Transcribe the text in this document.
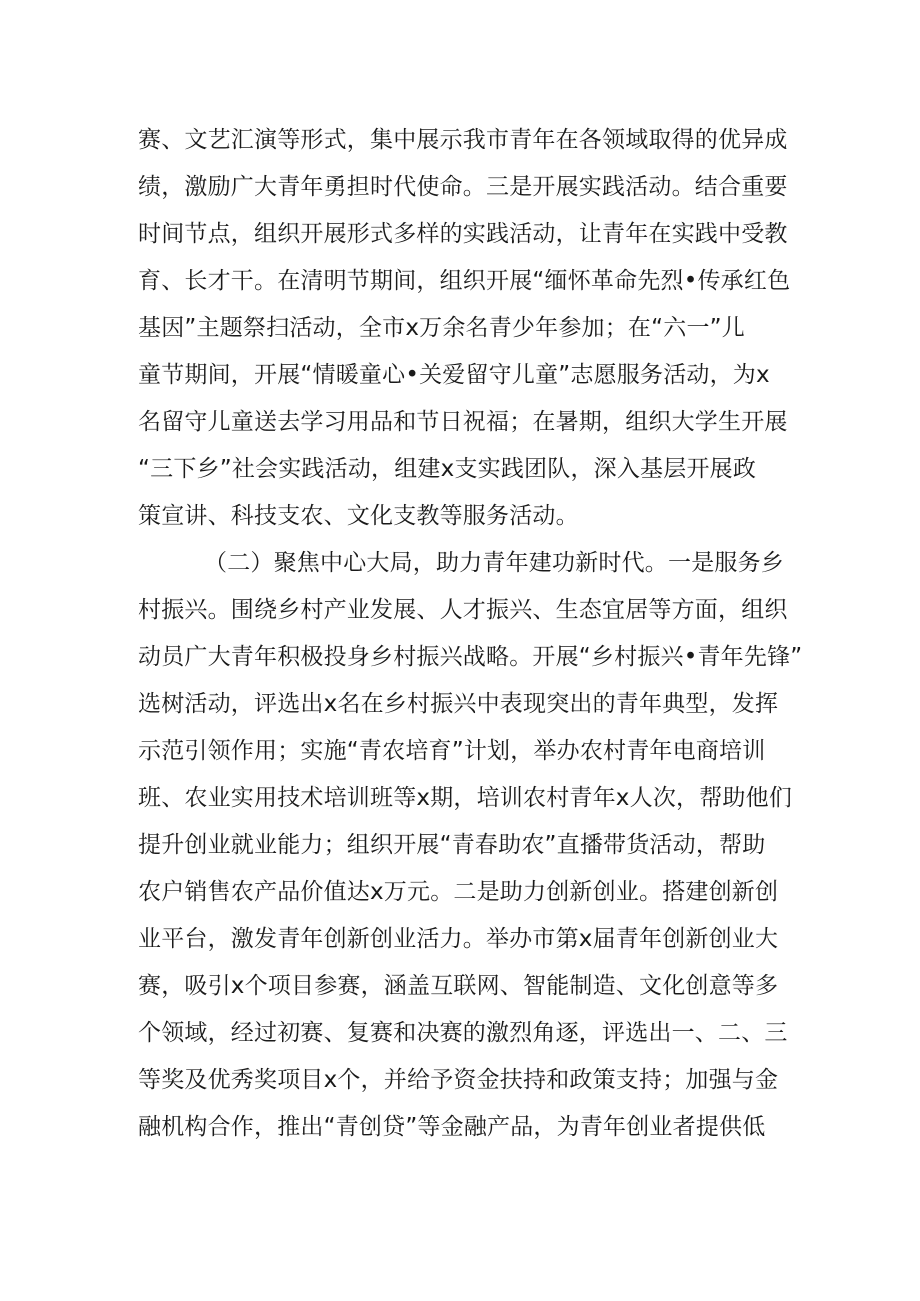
赛、文艺汇演等形式，集中展示我市青年在各领域取得的优异成
绩，激励广大青年勇担时代使命。三是开展实践活动。结合重要
时间节点，组织开展形式多样的实践活动，让青年在实践中受教
育、长才干。在清明节期间，组织开展“缅怀革命先烈•传承红色
基因”主题祭扫活动，全市x万余名青少年参加；在“六一”儿
童节期间，开展“情暖童心•关爱留守儿童”志愿服务活动，为x
名留守儿童送去学习用品和节日祝福；在暑期，组织大学生开展
“三下乡”社会实践活动，组建x支实践团队，深入基层开展政
策宣讲、科技支农、文化支教等服务活动。
（二）聚焦中心大局，助力青年建功新时代。一是服务乡
村振兴。围绕乡村产业发展、人才振兴、生态宜居等方面，组织
动员广大青年积极投身乡村振兴战略。开展“乡村振兴•青年先锋”
选树活动，评选出x名在乡村振兴中表现突出的青年典型，发挥
示范引领作用；实施“青农培育”计划，举办农村青年电商培训
班、农业实用技术培训班等x期，培训农村青年x人次，帮助他们
提升创业就业能力；组织开展“青春助农”直播带货活动，帮助
农户销售农产品价值达x万元。二是助力创新创业。搭建创新创
业平台，激发青年创新创业活力。举办市第x届青年创新创业大
赛，吸引x个项目参赛，涵盖互联网、智能制造、文化创意等多
个领域，经过初赛、复赛和决赛的激烈角逐，评选出一、二、三
等奖及优秀奖项目x个，并给予资金扶持和政策支持；加强与金
融机构合作，推出“青创贷”等金融产品，为青年创业者提供低
